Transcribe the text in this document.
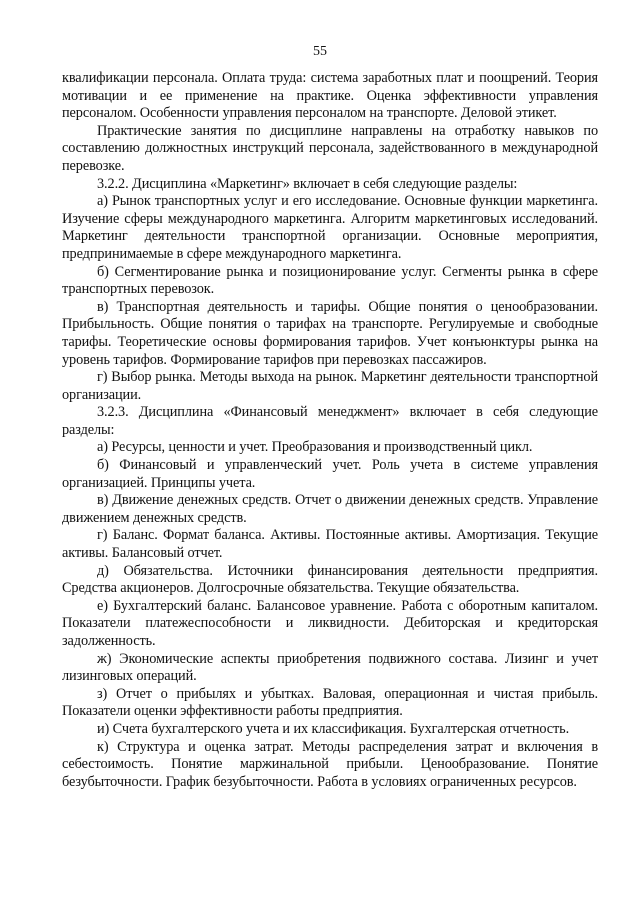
55

квалификации персонала. Оплата труда: система заработных плат и поощрений. Теория мотивации и ее применение на практике. Оценка эффективности управления персоналом. Особенности управления персоналом на транспорте. Деловой этикет.

Практические занятия по дисциплине направлены на отработку навыков по составлению должностных инструкций персонала, задействованного в международной перевозке.

3.2.2. Дисциплина «Маркетинг» включает в себя следующие разделы:

а) Рынок транспортных услуг и его исследование. Основные функции маркетинга. Изучение сферы международного маркетинга. Алгоритм маркетинговых исследований. Маркетинг деятельности транспортной организации. Основные мероприятия, предпринимаемые в сфере международного маркетинга.

б) Сегментирование рынка и позиционирование услуг. Сегменты рынка в сфере транспортных перевозок.

в) Транспортная деятельность и тарифы. Общие понятия о ценообразовании. Прибыльность. Общие понятия о тарифах на транспорте. Регулируемые и свободные тарифы. Теоретические основы формирования тарифов. Учет конъюнктуры рынка на уровень тарифов. Формирование тарифов при перевозках пассажиров.

г) Выбор рынка. Методы выхода на рынок. Маркетинг деятельности транспортной организации.

3.2.3. Дисциплина «Финансовый менеджмент» включает в себя следующие разделы:

а) Ресурсы, ценности и учет. Преобразования и производственный цикл.

б) Финансовый и управленческий учет. Роль учета в системе управления организацией. Принципы учета.

в) Движение денежных средств. Отчет о движении денежных средств. Управление движением денежных средств.

г) Баланс. Формат баланса. Активы. Постоянные активы. Амортизация. Текущие активы. Балансовый отчет.

д) Обязательства. Источники финансирования деятельности предприятия. Средства акционеров. Долгосрочные обязательства. Текущие обязательства.

е) Бухгалтерский баланс. Балансовое уравнение. Работа с оборотным капиталом. Показатели платежеспособности и ликвидности. Дебиторская и кредиторская задолженность.

ж) Экономические аспекты приобретения подвижного состава. Лизинг и учет лизинговых операций.

з) Отчет о прибылях и убытках. Валовая, операционная и чистая прибыль. Показатели оценки эффективности работы предприятия.

и) Счета бухгалтерского учета и их классификация. Бухгалтерская отчетность.

к) Структура и оценка затрат. Методы распределения затрат и включения в себестоимость. Понятие маржинальной прибыли. Ценообразование. Понятие безубыточности. График безубыточности. Работа в условиях ограниченных ресурсов.
